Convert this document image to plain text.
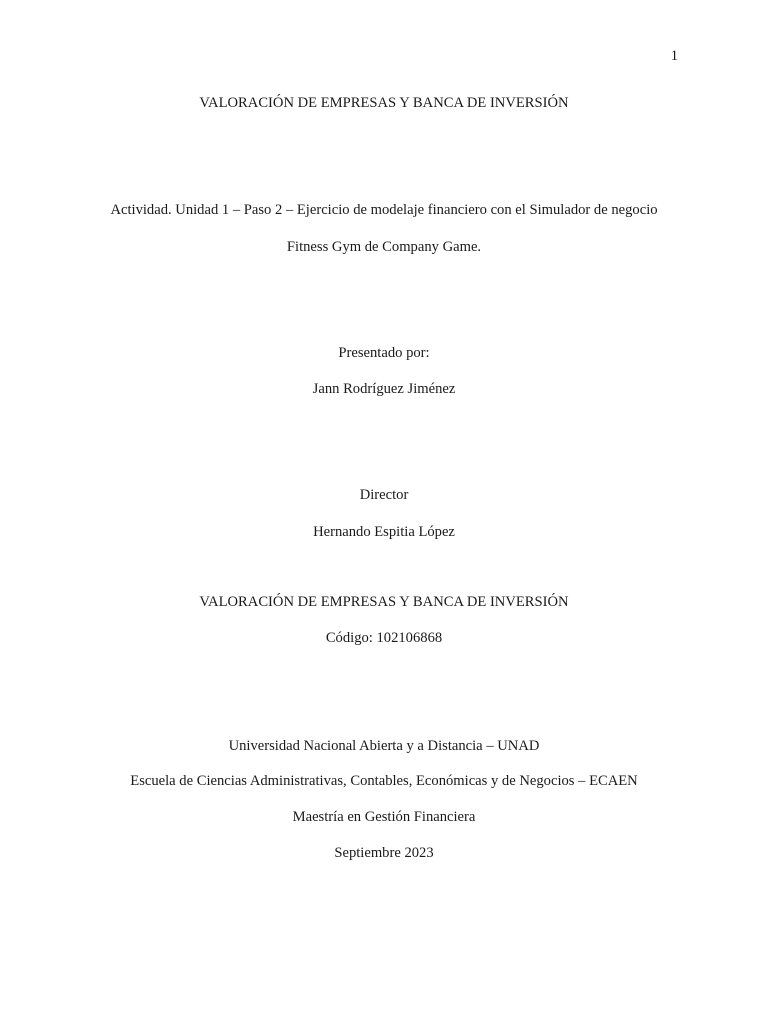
1
VALORACIÓN DE EMPRESAS Y BANCA DE INVERSIÓN
Actividad. Unidad 1 – Paso 2 – Ejercicio de modelaje financiero con el Simulador de negocio
Fitness Gym de Company Game.
Presentado por:
Jann Rodríguez Jiménez
Director
Hernando Espitia López
VALORACIÓN DE EMPRESAS Y BANCA DE INVERSIÓN
Código: 102106868
Universidad Nacional Abierta y a Distancia – UNAD
Escuela de Ciencias Administrativas, Contables, Económicas y de Negocios – ECAEN
Maestría en Gestión Financiera
Septiembre 2023
